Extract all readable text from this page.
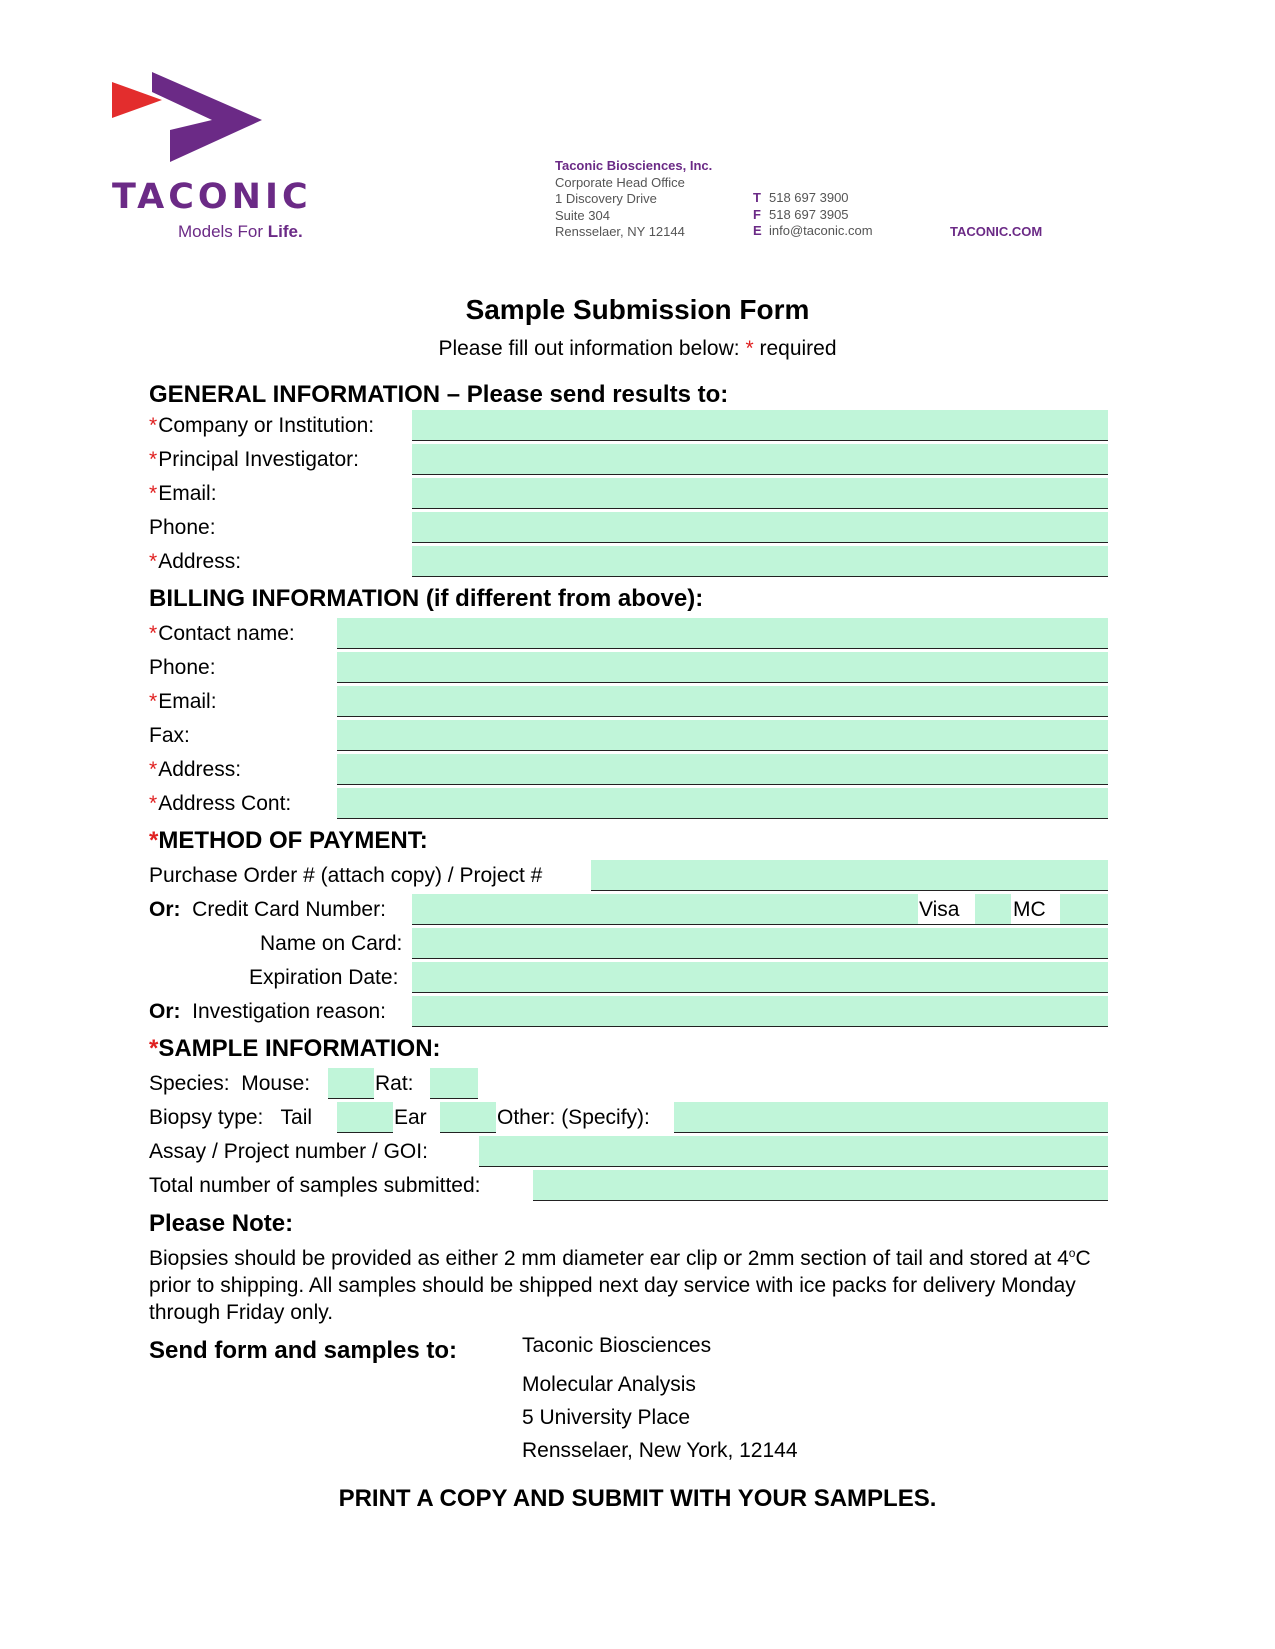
TACONIC
Models For Life.
Taconic Biosciences, Inc.
Corporate Head Office
1 Discovery Drive
Suite 304
Rensselaer, NY 12144
T 518 697 3900
F 518 697 3905
E info@taconic.com	TACONIC.COM
Sample Submission Form
Please fill out information below: * required
GENERAL INFORMATION – Please send results to:
*Company or Institution:
*Principal Investigator:
*Email:
Phone:
*Address:
BILLING INFORMATION (if different from above):
*Contact name:
Phone:
*Email:
Fax:
*Address:
*Address Cont:
*METHOD OF PAYMENT:
Purchase Order # (attach copy) / Project #
Or: Credit Card Number:	Visa	MC
Name on Card:
Expiration Date:
Or: Investigation reason:
*SAMPLE INFORMATION:
Species: Mouse:	Rat:
Biopsy type: Tail	Ear	Other: (Specify):
Assay / Project number / GOI:
Total number of samples submitted:
Please Note:
Biopsies should be provided as either 2 mm diameter ear clip or 2mm section of tail and stored at 4$^o$C prior to shipping. All samples should be shipped next day service with ice packs for delivery Monday through Friday only.
Send form and samples to:	Taconic Biosciences
Molecular Analysis
5 University Place
Rensselaer, New York, 12144
PRINT A COPY AND SUBMIT WITH YOUR SAMPLES.
